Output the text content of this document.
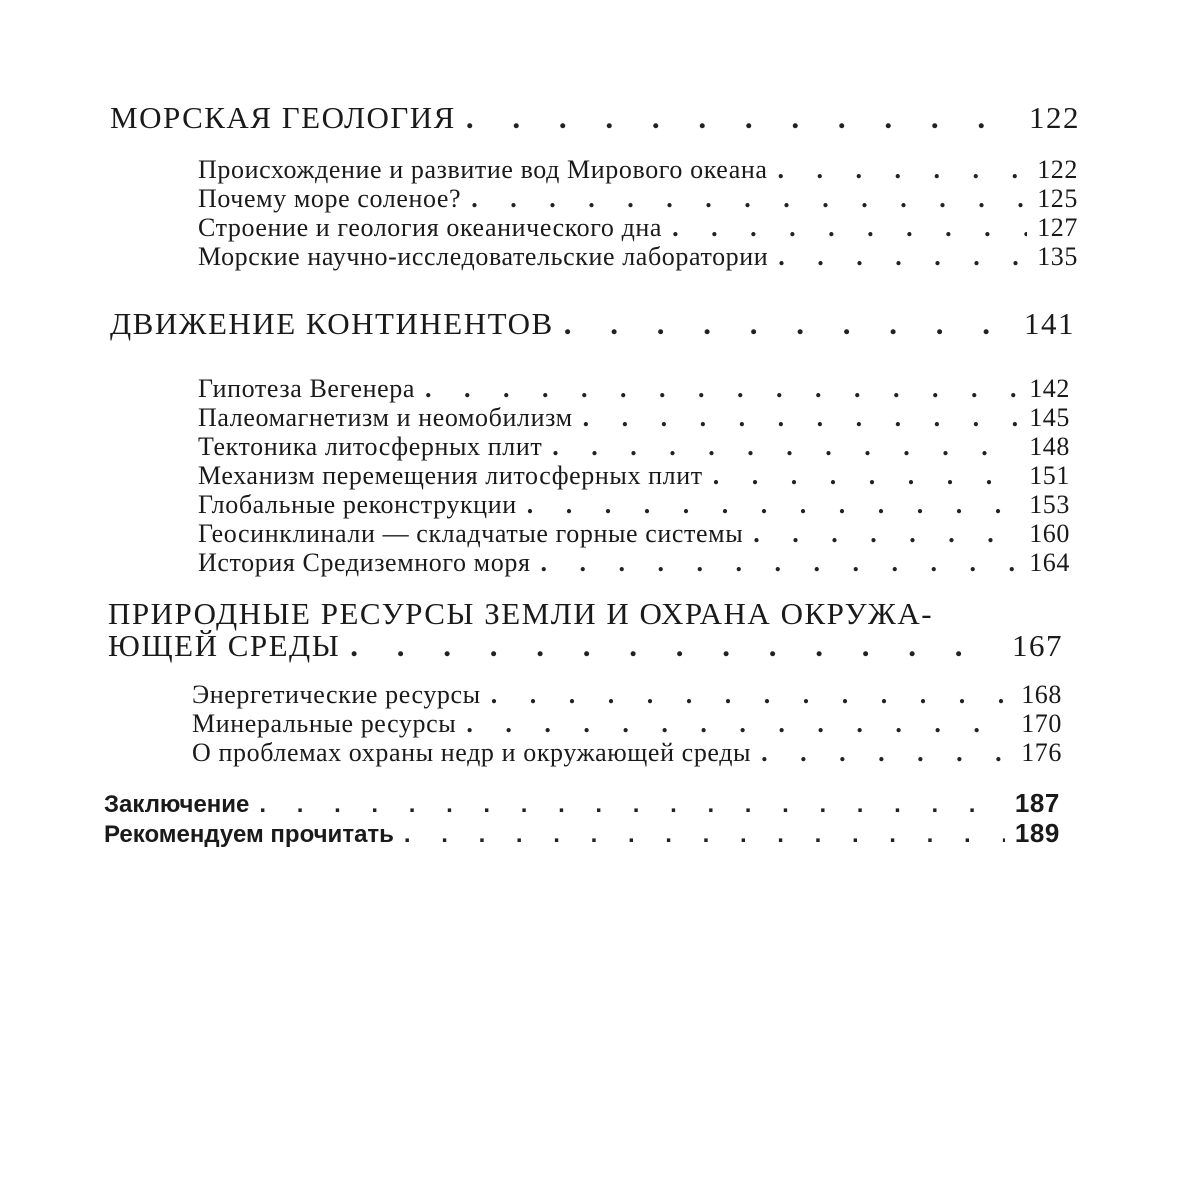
МОРСКАЯ ГЕОЛОГИЯ . . .	122
Происхождение и развитие вод Мирового океана . . .	122
Почему море соленое? . . .	125
Строение и геология океанического дна . . .	127
Морские научно-исследовательские лаборатории . . .	135
ДВИЖЕНИЕ КОНТИНЕНТОВ . . .	141
Гипотеза Вегенера . . .	142
Палеомагнетизм и неомобилизм . . .	145
Тектоника литосферных плит . . .	148
Механизм перемещения литосферных плит . . .	151
Глобальные реконструкции . . .	153
Геосинклинали — складчатые горные системы . . .	160
История Средиземного моря . . .	164
ПРИРОДНЫЕ РЕСУРСЫ ЗЕМЛИ И ОХРАНА ОКРУЖА-
ЮЩЕЙ СРЕДЫ . . .	167
Энергетические ресурсы . . .	168
Минеральные ресурсы . . .	170
О проблемах охраны недр и окружающей среды . . .	176
Заключение . . .	187
Рекомендуем прочитать . . .	189
